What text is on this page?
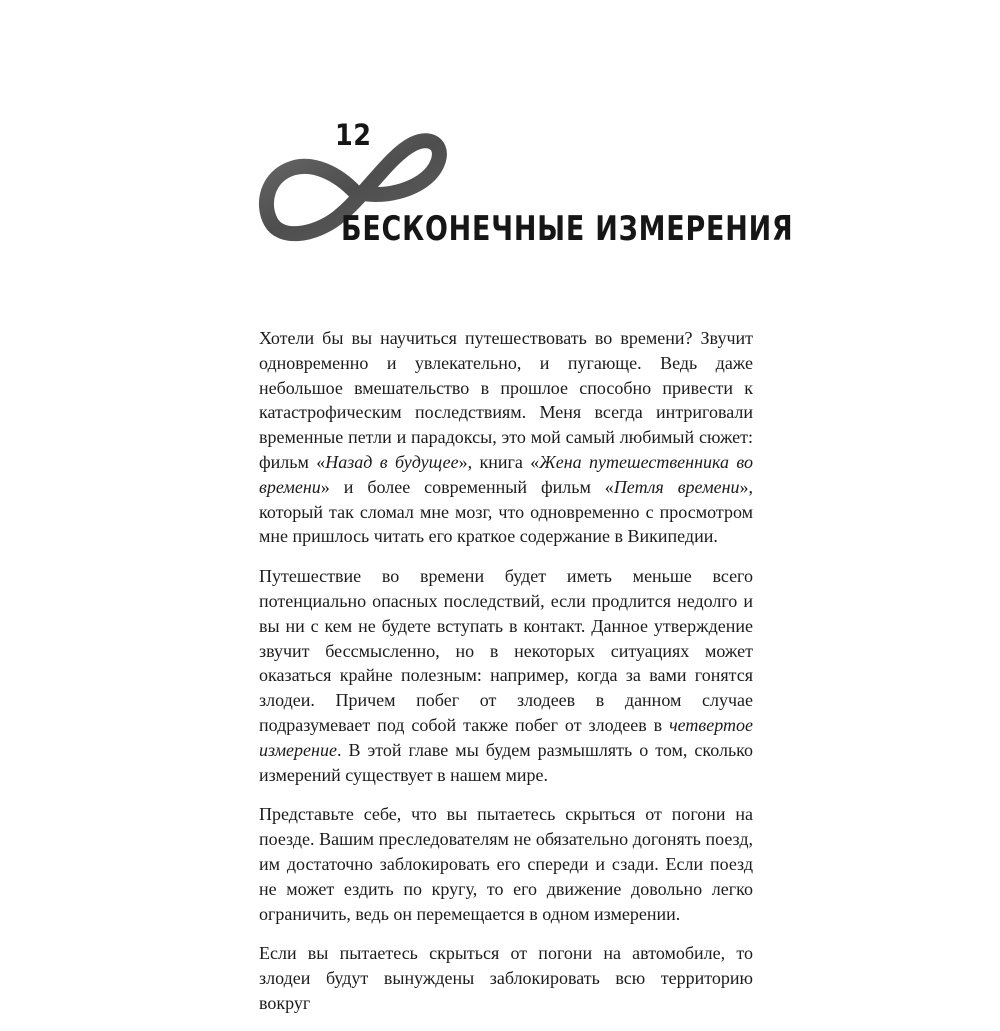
12
БЕСКОНЕЧНЫЕ ИЗМЕРЕНИЯ

Хотели бы вы научиться путешествовать во времени? Звучит одновременно и увлекательно, и пугающе. Ведь даже небольшое вмешательство в прошлое способно привести к катастрофическим последствиям. Меня всегда интриговали временные петли и парадоксы, это мой самый любимый сюжет: фильм «Назад в будущее», книга «Жена путешественника во времени» и более современный фильм «Петля времени», который так сломал мне мозг, что одновременно с просмотром мне пришлось читать его краткое содержание в Википедии.

Путешествие во времени будет иметь меньше всего потенциально опасных последствий, если продлится недолго и вы ни с кем не будете вступать в контакт. Данное утверждение звучит бессмысленно, но в некоторых ситуациях может оказаться крайне полезным: например, когда за вами гонятся злодеи. Причем побег от злодеев в данном случае подразумевает под собой также побег от злодеев в четвертое измерение. В этой главе мы будем размышлять о том, сколько измерений существует в нашем мире.

Представьте себе, что вы пытаетесь скрыться от погони на поезде. Вашим преследователям не обязательно догонять поезд, им достаточно заблокировать его спереди и сзади. Если поезд не может ездить по кругу, то его движение довольно легко ограничить, ведь он перемещается в одном измерении.

Если вы пытаетесь скрыться от погони на автомобиле, то злодеи будут вынуждены заблокировать всю территорию вокруг
